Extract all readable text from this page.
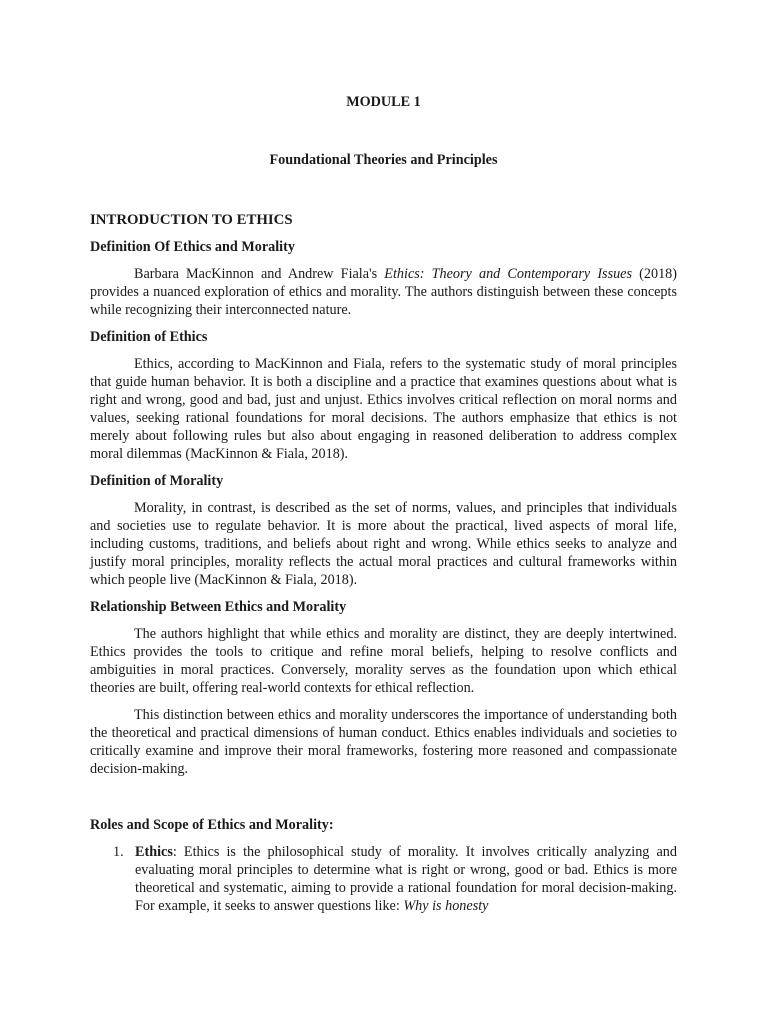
MODULE 1

Foundational Theories and Principles

INTRODUCTION TO ETHICS

Definition Of Ethics and Morality

Barbara MacKinnon and Andrew Fiala's Ethics: Theory and Contemporary Issues (2018) provides a nuanced exploration of ethics and morality. The authors distinguish between these concepts while recognizing their interconnected nature.

Definition of Ethics

Ethics, according to MacKinnon and Fiala, refers to the systematic study of moral principles that guide human behavior. It is both a discipline and a practice that examines questions about what is right and wrong, good and bad, just and unjust. Ethics involves critical reflection on moral norms and values, seeking rational foundations for moral decisions. The authors emphasize that ethics is not merely about following rules but also about engaging in reasoned deliberation to address complex moral dilemmas (MacKinnon & Fiala, 2018).

Definition of Morality

Morality, in contrast, is described as the set of norms, values, and principles that individuals and societies use to regulate behavior. It is more about the practical, lived aspects of moral life, including customs, traditions, and beliefs about right and wrong. While ethics seeks to analyze and justify moral principles, morality reflects the actual moral practices and cultural frameworks within which people live (MacKinnon & Fiala, 2018).

Relationship Between Ethics and Morality

The authors highlight that while ethics and morality are distinct, they are deeply intertwined. Ethics provides the tools to critique and refine moral beliefs, helping to resolve conflicts and ambiguities in moral practices. Conversely, morality serves as the foundation upon which ethical theories are built, offering real-world contexts for ethical reflection.

This distinction between ethics and morality underscores the importance of understanding both the theoretical and practical dimensions of human conduct. Ethics enables individuals and societies to critically examine and improve their moral frameworks, fostering more reasoned and compassionate decision-making.

Roles and Scope of Ethics and Morality:

1. Ethics: Ethics is the philosophical study of morality. It involves critically analyzing and evaluating moral principles to determine what is right or wrong, good or bad. Ethics is more theoretical and systematic, aiming to provide a rational foundation for moral decision-making. For example, it seeks to answer questions like: Why is honesty
